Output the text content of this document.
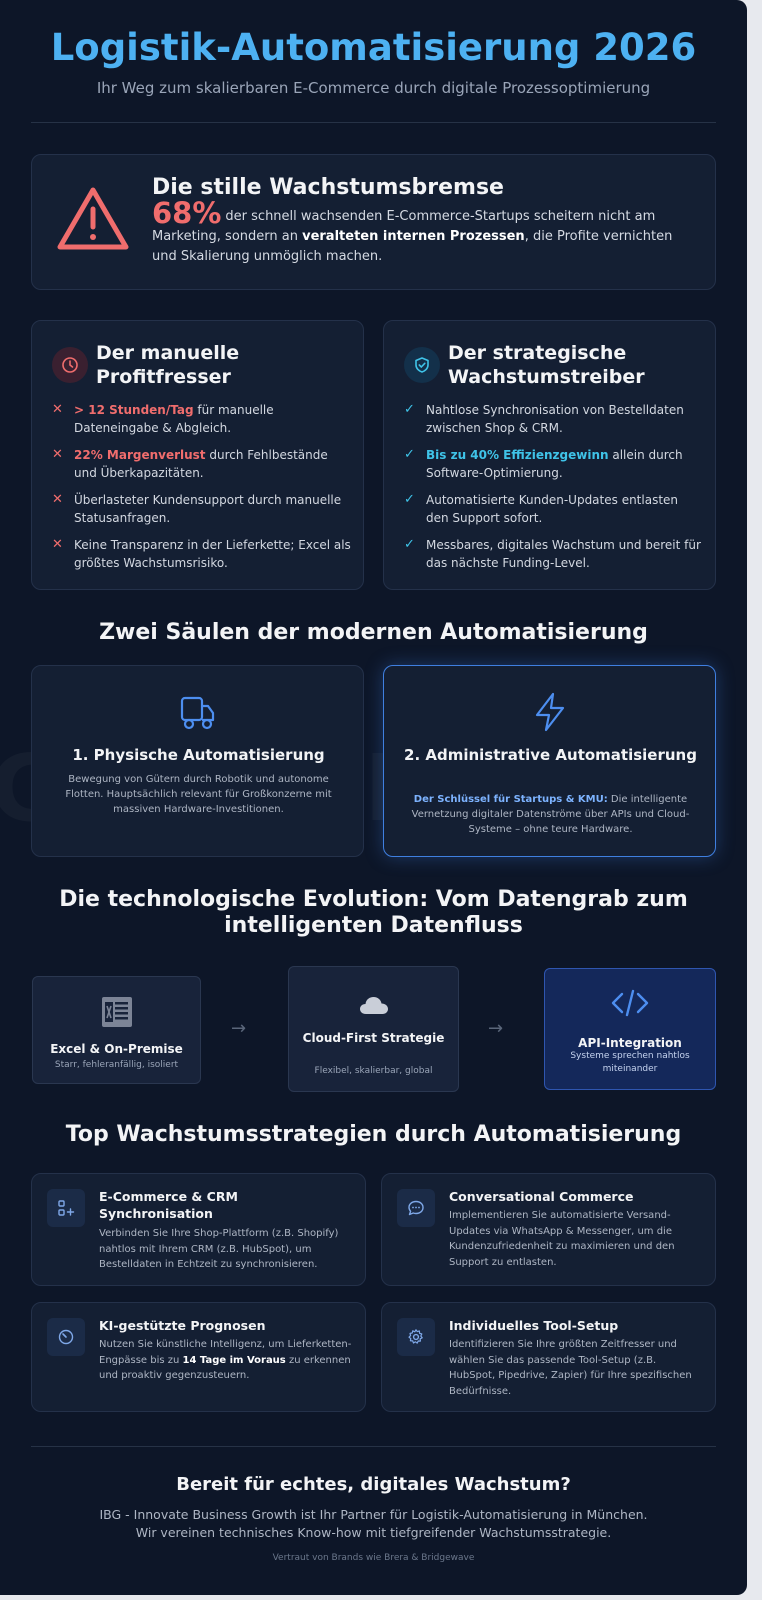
Logistik-Automatisierung 2026
Ihr Weg zum skalierbaren E-Commerce durch digitale Prozessoptimierung
Die stille Wachstumsbremse
68% der schnell wachsenden E-Commerce-Startups scheitern nicht am Marketing, sondern an veralteten internen Prozessen, die Profite vernichten und Skalierung unmöglich machen.
Der manuelle Profitfresser
✕ > 12 Stunden/Tag für manuelle Dateneingabe & Abgleich.
✕ 22% Margenverlust durch Fehlbestände und Überkapazitäten.
✕ Überlasteter Kundensupport durch manuelle Statusanfragen.
✕ Keine Transparenz in der Lieferkette; Excel als größtes Wachstumsrisiko.
Der strategische Wachstumstreiber
✓ Nahtlose Synchronisation von Bestelldaten zwischen Shop & CRM.
✓ Bis zu 40% Effizienzgewinn allein durch Software-Optimierung.
✓ Automatisierte Kunden-Updates entlasten den Support sofort.
✓ Messbares, digitales Wachstum und bereit für das nächste Funding-Level.
Zwei Säulen der modernen Automatisierung
1. Physische Automatisierung
Bewegung von Gütern durch Robotik und autonome Flotten. Hauptsächlich relevant für Großkonzerne mit massiven Hardware-Investitionen.
2. Administrative Automatisierung
Der Schlüssel für Startups & KMU: Die intelligente Vernetzung digitaler Datenströme über APIs und Cloud-Systeme – ohne teure Hardware.
Die technologische Evolution: Vom Datengrab zum intelligenten Datenfluss
Excel & On-Premise
Starr, fehleranfällig, isoliert
→	Cloud-First Strategie
Flexibel, skalierbar, global
→
API-Integration
Systeme sprechen nahtlos miteinander
Top Wachstumsstrategien durch Automatisierung
E-Commerce & CRM Synchronisation
Verbinden Sie Ihre Shop-Plattform (z.B. Shopify) nahtlos mit Ihrem CRM (z.B. HubSpot), um Bestelldaten in Echtzeit zu synchronisieren.
Conversational Commerce
Implementieren Sie automatisierte Versand-Updates via WhatsApp & Messenger, um die Kundenzufriedenheit zu maximieren und den Support zu entlasten.
KI-gestützte Prognosen
Nutzen Sie künstliche Intelligenz, um Lieferketten-Engpässe bis zu 14 Tage im Voraus zu erkennen und proaktiv gegenzusteuern.
Individuelles Tool-Setup
Identifizieren Sie Ihre größten Zeitfresser und wählen Sie das passende Tool-Setup (z.B. HubSpot, Pipedrive, Zapier) für Ihre spezifischen Bedürfnisse.
Bereit für echtes, digitales Wachstum?
IBG - Innovate Business Growth ist Ihr Partner für Logistik-Automatisierung in München.
Wir vereinen technisches Know-how mit tiefgreifender Wachstumsstrategie.
Vertraut von Brands wie Brera & Bridgewave
